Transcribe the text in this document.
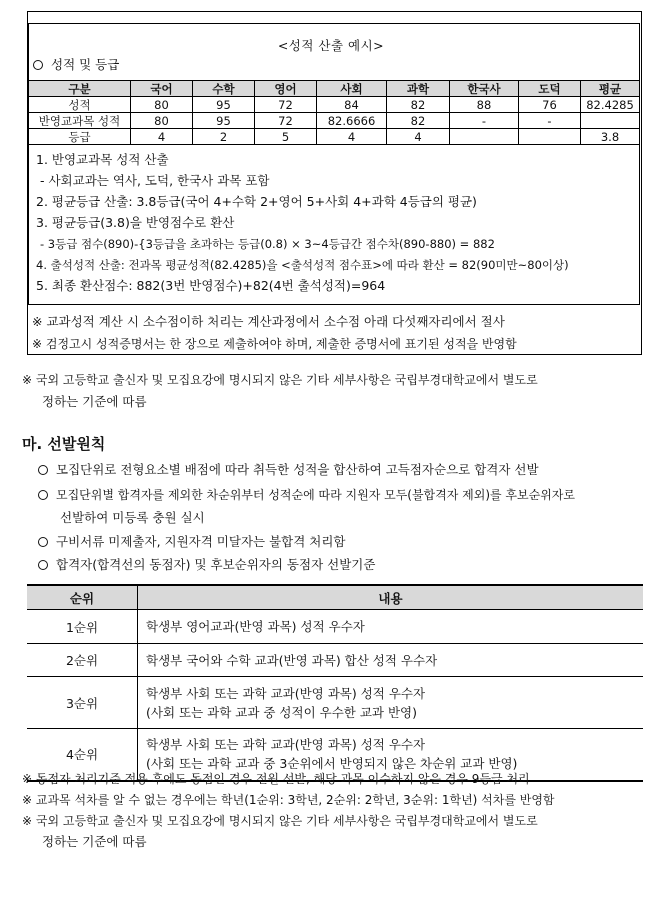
<성적 산출 예시>
성적 및 등급
구분	국어	수학	영어	사회	과학	한국사	도덕	평균
성적	80	95	72	84	82	88	76	82.4285
반영교과목 성적	80	95	72	82.6666	82	-	-	
등급	4	2	5	4	4			3.8
1. 반영교과목 성적 산출
- 사회교과는 역사, 도덕, 한국사 과목 포함
2. 평균등급 산출: 3.8등급(국어 4+수학 2+영어 5+사회 4+과학 4등급의 평균)
3. 평균등급(3.8)을 반영점수로 환산
- 3등급 점수(890)-{3등급을 초과하는 등급(0.8) × 3~4등급간 점수차(890-880) = 882
4. 출석성적 산출: 전과목 평균성적(82.4285)을 <출석성적 점수표>에 따라 환산 = 82(90미만~80이상)
5. 최종 환산점수: 882(3번 반영점수)+82(4번 출석성적)=964
※ 교과성적 계산 시 소수점이하 처리는 계산과정에서 소수점 아래 다섯째자리에서 절사
※ 검정고시 성적증명서는 한 장으로 제출하여야 하며, 제출한 증명서에 표기된 성적을 반영함
※ 국외 고등학교 출신자 및 모집요강에 명시되지 않은 기타 세부사항은 국립부경대학교에서 별도로
정하는 기준에 따름
마. 선발원칙
모집단위로 전형요소별 배점에 따라 취득한 성적을 합산하여 고득점자순으로 합격자 선발
모집단위별 합격자를 제외한 차순위부터 성적순에 따라 지원자 모두(불합격자 제외)를 후보순위자로
선발하여 미등록 충원 실시
구비서류 미제출자, 지원자격 미달자는 불합격 처리함
합격자(합격선의 동점자) 및 후보순위자의 동점자 선발기준
순위	내용
1순위	학생부 영어교과(반영 과목) 성적 우수자

2순위	학생부 국어와 수학 교과(반영 과목) 합산 성적 우수자

3순위	학생부 사회 또는 과학 교과(반영 과목) 성적 우수자
(사회 또는 과학 교과 중 성적이 우수한 교과 반영)

4순위	학생부 사회 또는 과학 교과(반영 과목) 성적 우수자
(사회 또는 과학 교과 중 3순위에서 반영되지 않은 차순위 교과 반영)
※ 동점자 처리기준 적용 후에도 동점인 경우 전원 선발, 해당 과목 이수하지 않은 경우 9등급 처리
※ 교과목 석차를 알 수 없는 경우에는 학년(1순위: 3학년, 2순위: 2학년, 3순위: 1학년) 석차를 반영함
※ 국외 고등학교 출신자 및 모집요강에 명시되지 않은 기타 세부사항은 국립부경대학교에서 별도로
정하는 기준에 따름
